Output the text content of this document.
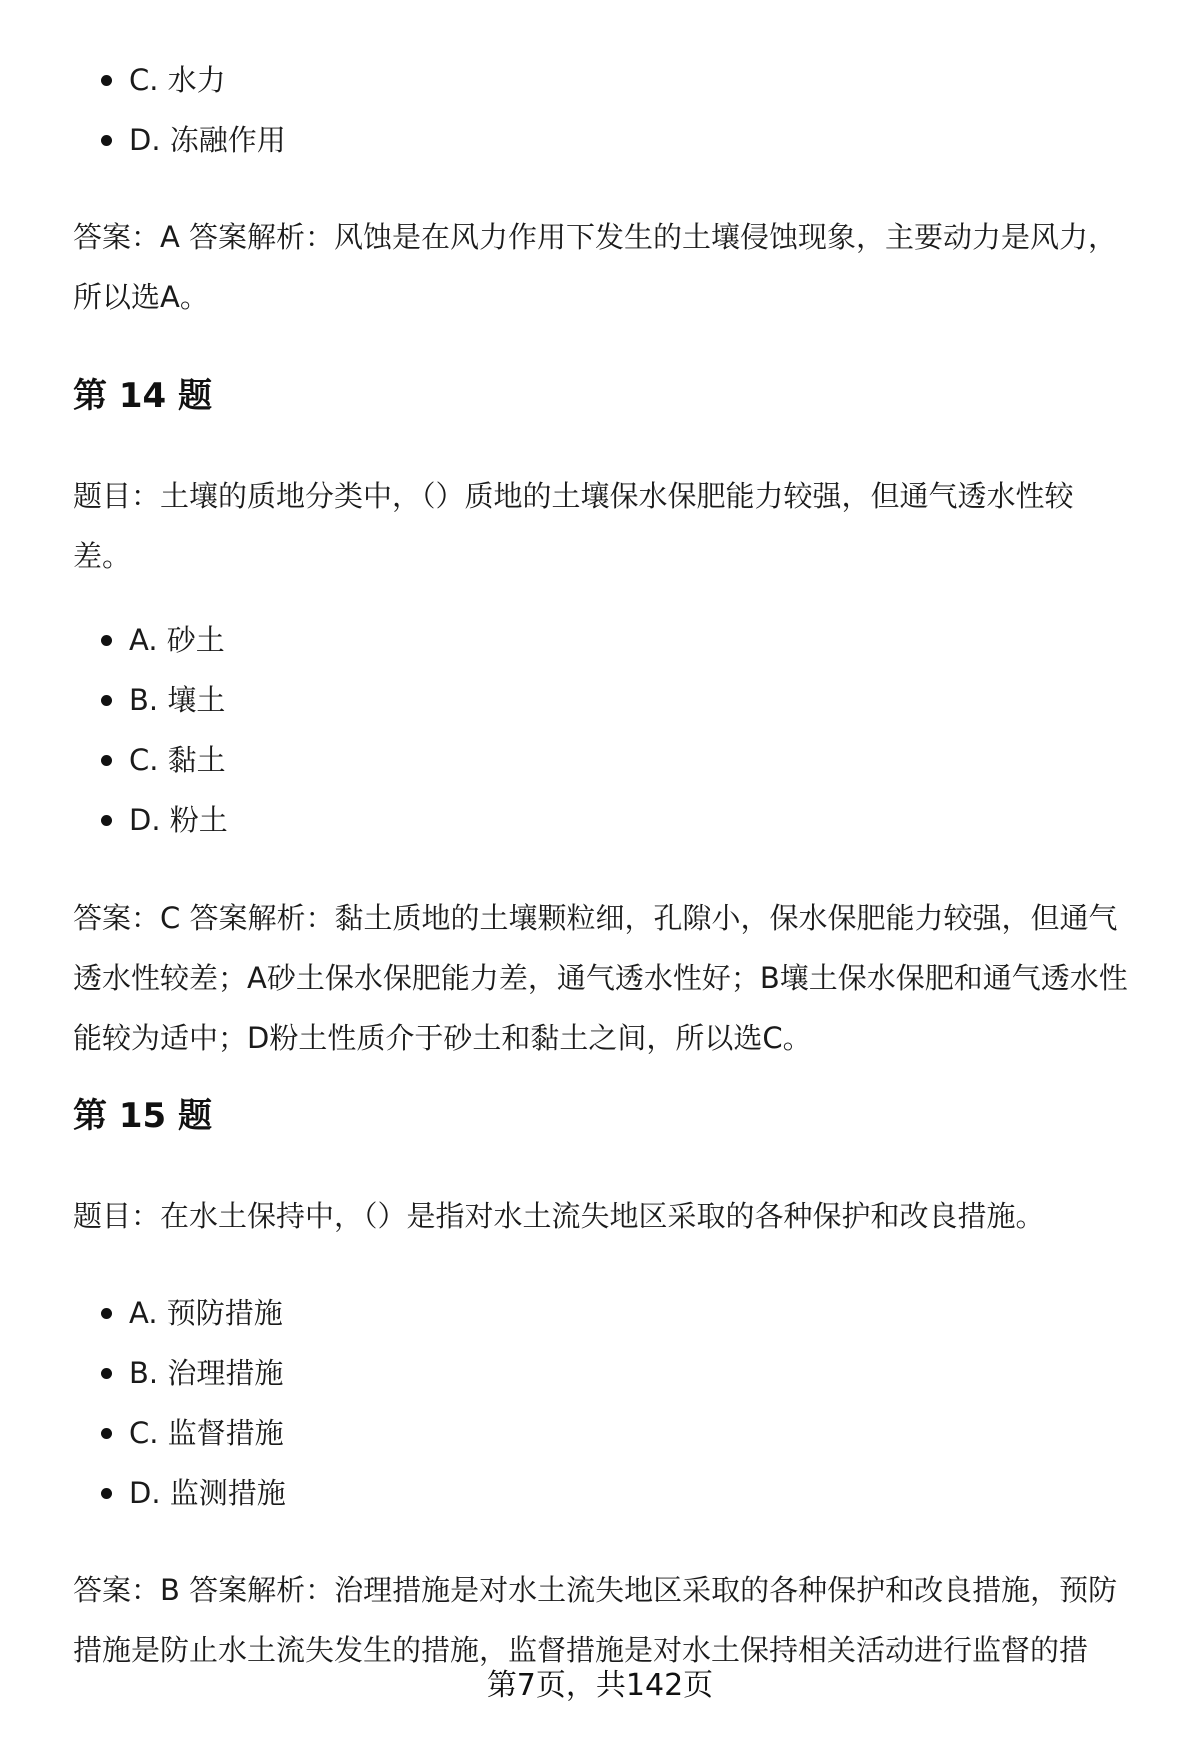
C. 水力
D. 冻融作用

答案：A 答案解析：风蚀是在风力作用下发生的土壤侵蚀现象，主要动力是风力，

所以选A。

第 14 题

题目：土壤的质地分类中，（）质地的土壤保水保肥能力较强，但通气透水性较

差。

A. 砂土
B. 壤土
C. 黏土
D. 粉土

答案：C 答案解析：黏土质地的土壤颗粒细，孔隙小，保水保肥能力较强，但通气

透水性较差；A砂土保水保肥能力差，通气透水性好；B壤土保水保肥和通气透水性

能较为适中；D粉土性质介于砂土和黏土之间，所以选C。

第 15 题

题目：在水土保持中，（）是指对水土流失地区采取的各种保护和改良措施。

A. 预防措施
B. 治理措施
C. 监督措施
D. 监测措施

答案：B 答案解析：治理措施是对水土流失地区采取的各种保护和改良措施，预防

措施是防止水土流失发生的措施，监督措施是对水土保持相关活动进行监督的措

第7页，共142页
